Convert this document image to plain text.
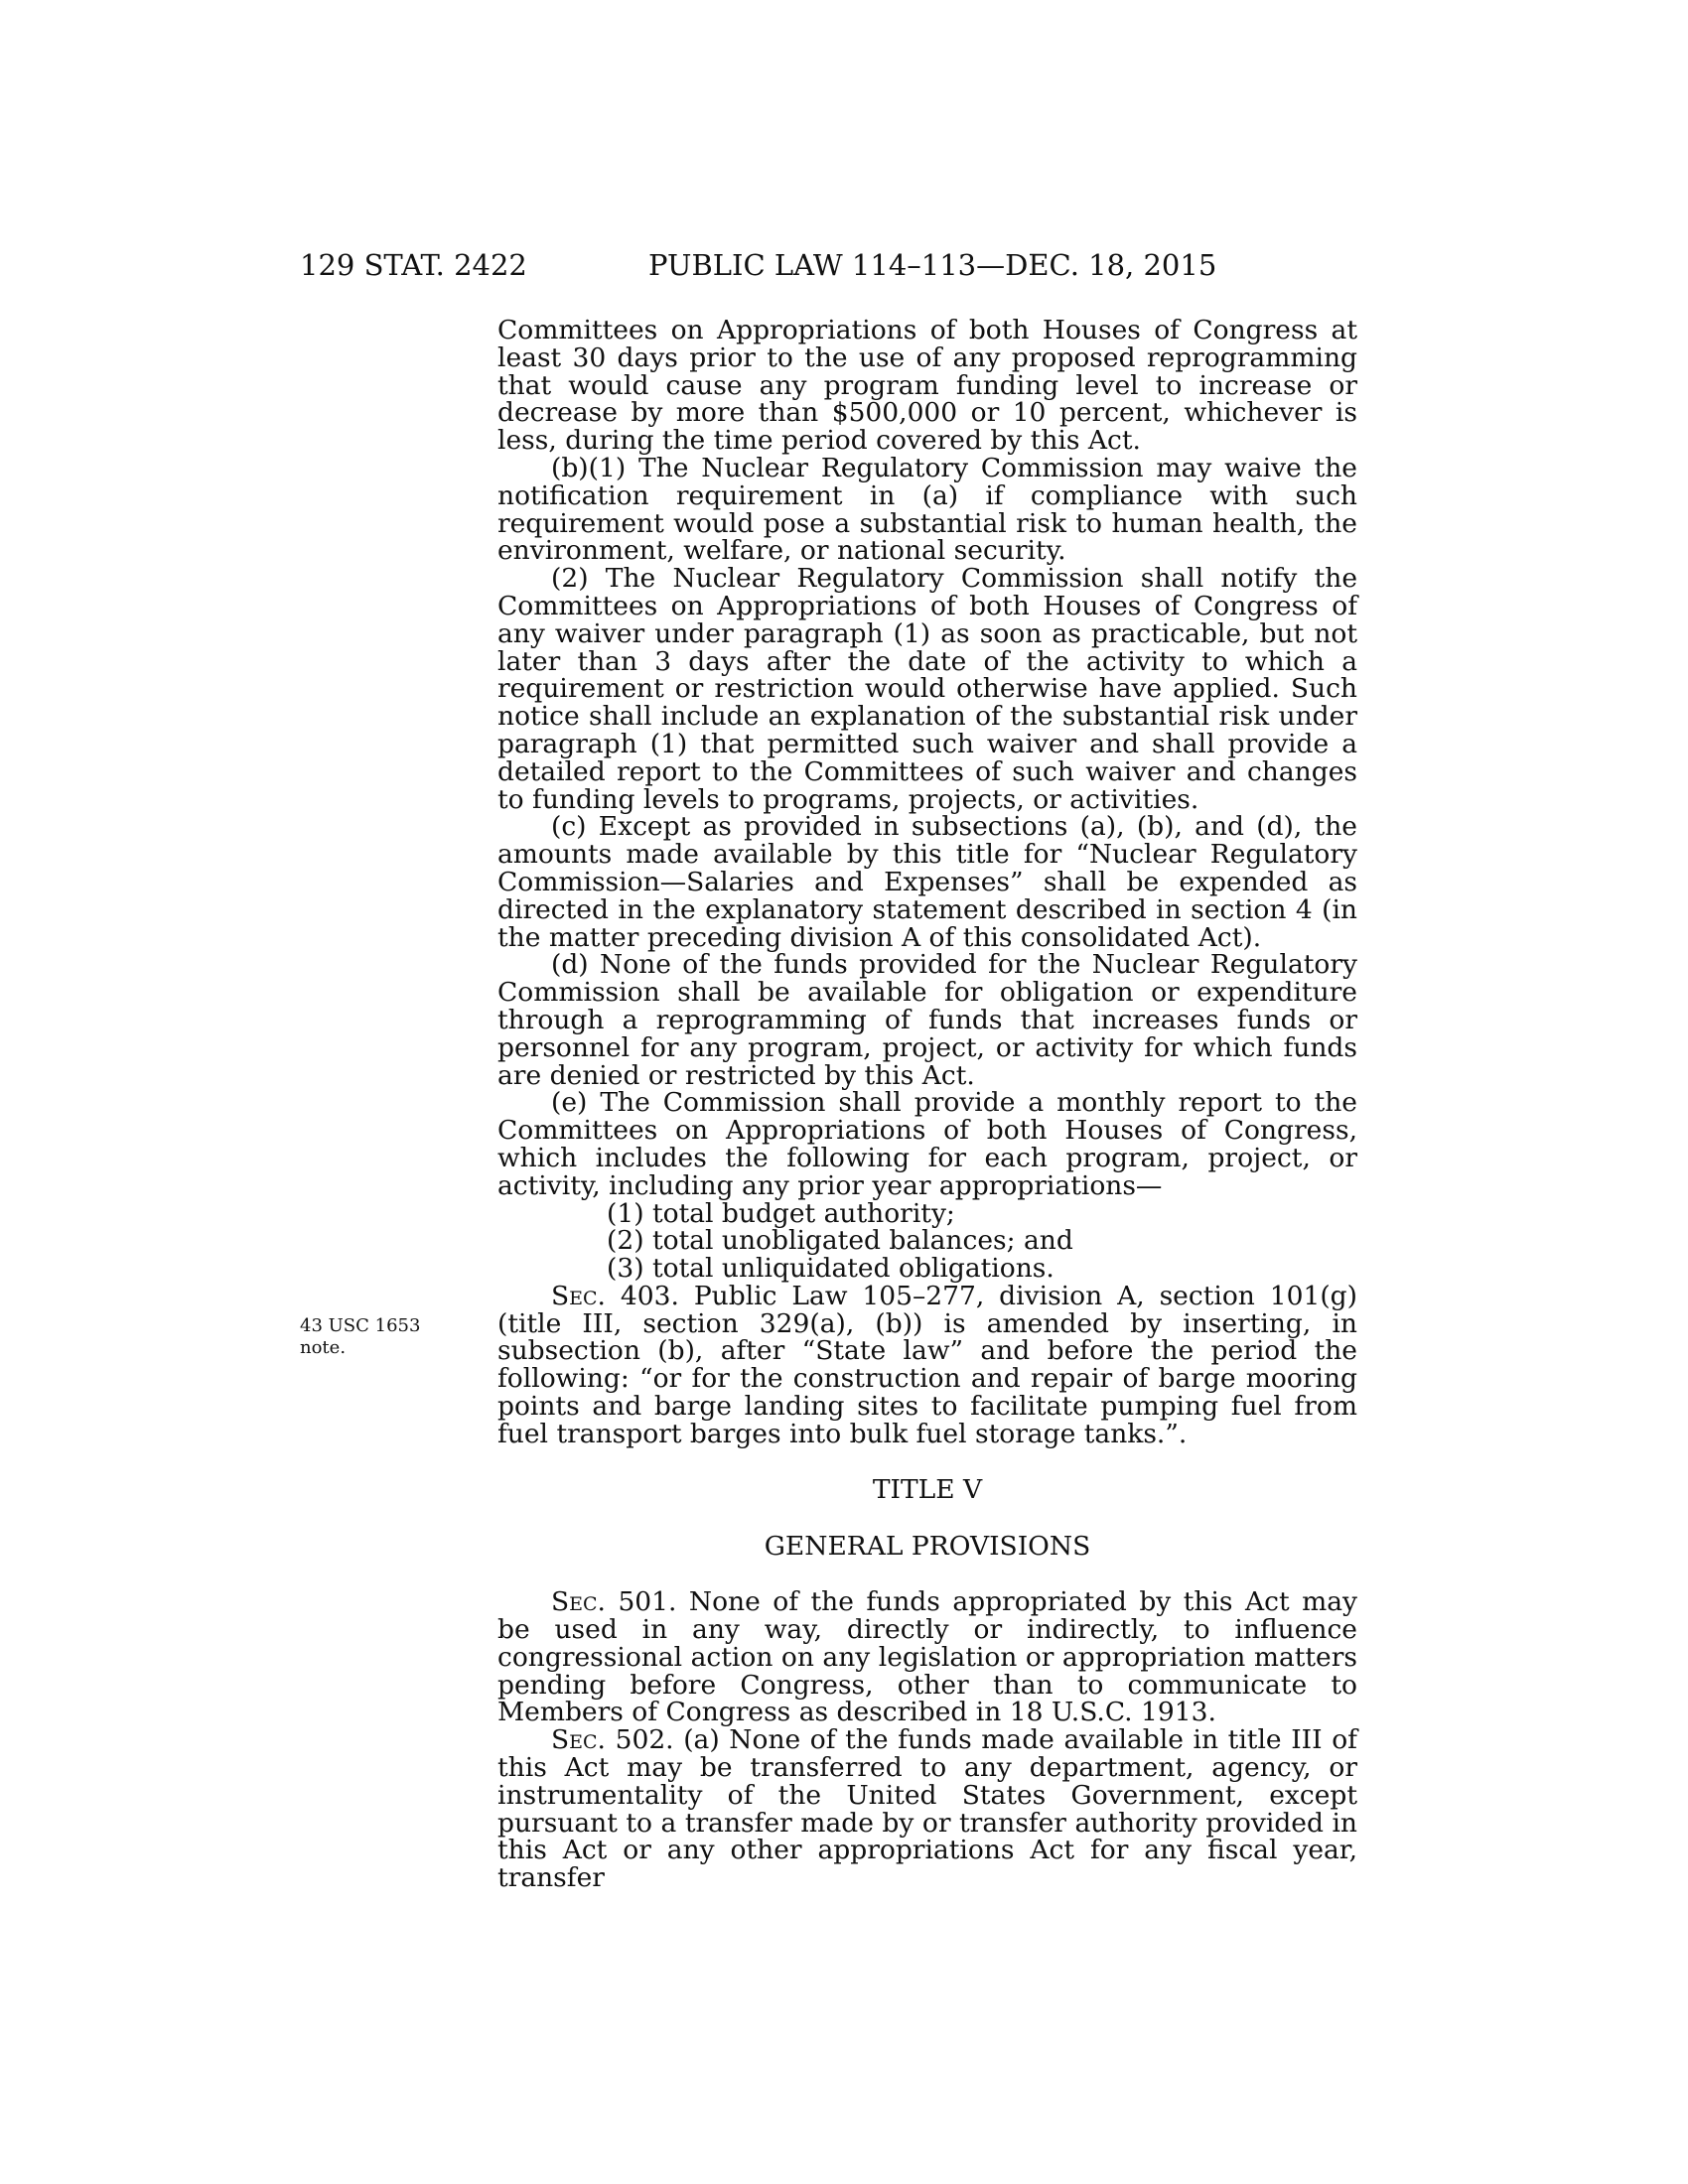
129 STAT. 2422	PUBLIC LAW 114–113—DEC. 18, 2015
43 USC 1653
note.

Committees on Appropriations of both Houses of Congress at least 30 days prior to the use of any proposed reprogramming that would cause any program funding level to increase or decrease by more than $500,000 or 10 percent, whichever is less, during the time period covered by this Act.

(b)(1) The Nuclear Regulatory Commission may waive the notification requirement in (a) if compliance with such requirement would pose a substantial risk to human health, the environment, welfare, or national security.

(2) The Nuclear Regulatory Commission shall notify the Committees on Appropriations of both Houses of Congress of any waiver under paragraph (1) as soon as practicable, but not later than 3 days after the date of the activity to which a requirement or restriction would otherwise have applied. Such notice shall include an explanation of the substantial risk under paragraph (1) that permitted such waiver and shall provide a detailed report to the Committees of such waiver and changes to funding levels to programs, projects, or activities.

(c) Except as provided in subsections (a), (b), and (d), the amounts made available by this title for “Nuclear Regulatory Commission—Salaries and Expenses” shall be expended as directed in the explanatory statement described in section 4 (in the matter preceding division A of this consolidated Act).

(d) None of the funds provided for the Nuclear Regulatory Commission shall be available for obligation or expenditure through a reprogramming of funds that increases funds or personnel for any program, project, or activity for which funds are denied or restricted by this Act.

(e) The Commission shall provide a monthly report to the Committees on Appropriations of both Houses of Congress, which includes the following for each program, project, or activity, including any prior year appropriations—

(1) total budget authority;

(2) total unobligated balances; and

(3) total unliquidated obligations.

Sec. 403. Public Law 105–277, division A, section 101(g) (title III, section 329(a), (b)) is amended by inserting, in subsection (b), after “State law” and before the period the following: “or for the construction and repair of barge mooring points and barge landing sites to facilitate pumping fuel from fuel transport barges into bulk fuel storage tanks.”.

TITLE V

GENERAL PROVISIONS

Sec. 501. None of the funds appropriated by this Act may be used in any way, directly or indirectly, to influence congressional action on any legislation or appropriation matters pending before Congress, other than to communicate to Members of Congress as described in 18 U.S.C. 1913.

Sec. 502. (a) None of the funds made available in title III of this Act may be transferred to any department, agency, or instrumentality of the United States Government, except pursuant to a transfer made by or transfer authority provided in this Act or any other appropriations Act for any fiscal year, transfer
